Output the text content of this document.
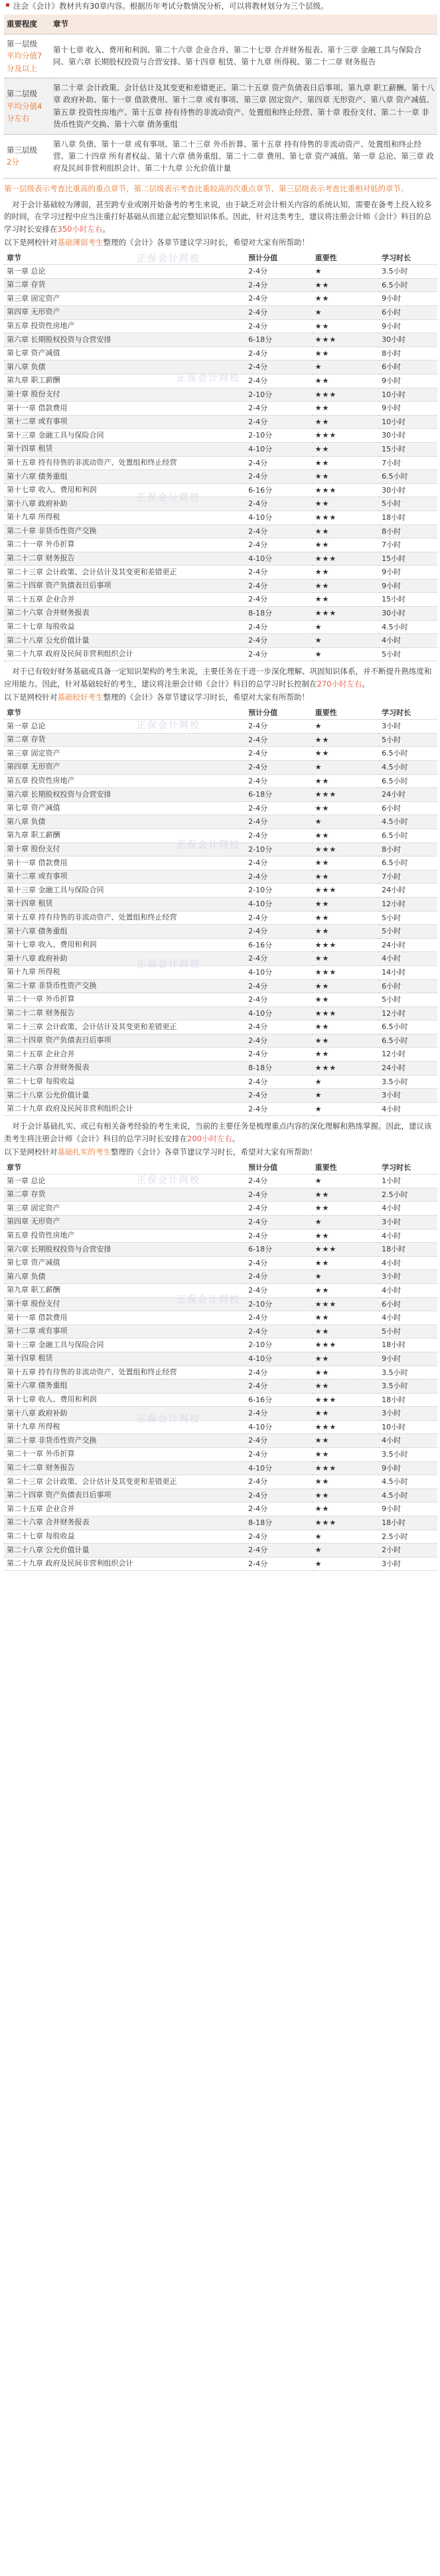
▪ 注会《会计》教材共有30章内容。根据历年考试分数情况分析，可以将教材划分为三个层级。
重要程度	章节

第一层级
平均分值7分及以上	第十七章 收入、费用和利润、第二十六章 企业合并、第二十七章 合并财务报表、第十三章 金融工具与保险合同、第六章 长期股权投资与合营安排、第十四章 租赁、第十九章 所得税、第二十二章 财务报告

第二层级
平均分值4分左右	第二十章 会计政策、会计估计及其变更和差错更正、第二十五章 资产负债表日后事项、第九章 职工薪酬、第十八章 政府补助、第十一章 借款费用、第十二章 或有事项、第三章 固定资产、第四章 无形资产、第八章 资产减值、第五章 投资性房地产、第十五章 持有待售的非流动资产、处置组和终止经营、第十章 股份支付、第二十一章 非货币性资产交换、第十六章 债务重组

第三层级
2分	第八章 负债、第十一章 或有事项、第二十三章 外币折算、第十五章 持有待售的非流动资产、处置组和终止经营、第二十四章 所有者权益、第十六章 债务重组、第二十二章 费用、第七章 资产减值、第一章 总论、第三章 政府及民间非营利组织会计、第二十九章 公允价值计量

第一层级表示考查比重高的重点章节，第二层级表示考查比重较高的次重点章节，第三层级表示考查比重相对低的章节。

对于会计基础较为薄弱，甚至跨专业或刚开始备考的考生来说，由于缺乏对会计相关内容的系统认知，需要在备考上投入较多的时间，在学习过程中应当注重打好基础从而建立起完整知识体系。因此，针对这类考生，建议将注册会计师《会计》科目的总学习时长安排在350小时左右。

以下是网校针对基础薄弱考生整理的《会计》各章节建议学习时长，希望对大家有所帮助！

章节	预计分值	重要性	学习时长
第一章 总论	2-4分	★	3.5小时
第二章 存货	2-4分	★★	6.5小时
第三章 固定资产	2-4分	★★	9小时
第四章 无形资产	2-4分	★	6小时
第五章 投资性房地产	2-4分	★★	9小时
第六章 长期股权投资与合营安排	6-18分	★★★	30小时
第七章 资产减值	2-4分	★★	8小时
第八章 负债	2-4分	★	6小时
第九章 职工薪酬	2-4分	★★	9小时
第十章 股份支付	2-10分	★★★	10小时
第十一章 借款费用	2-4分	★★	9小时
第十二章 或有事项	2-4分	★★	10小时
第十三章 金融工具与保险合同	2-10分	★★★	30小时
第十四章 租赁	4-10分	★★	15小时
第十五章 持有待售的非流动资产、处置组和终止经营	2-4分	★★	7小时
第十六章 债务重组	2-4分	★★	6.5小时
第十七章 收入、费用和利润	6-16分	★★★	30小时
第十八章 政府补助	2-4分	★★	5小时
第十九章 所得税	4-10分	★★★	18小时
第二十章 非货币性资产交换	2-4分	★★	8小时
第二十一章 外币折算	2-4分	★★	7小时
第二十二章 财务报告	4-10分	★★★	15小时
第二十三章 会计政策、会计估计及其变更和差错更正	2-4分	★★	9小时
第二十四章 资产负债表日后事项	2-4分	★★	9小时
第二十五章 企业合并	2-4分	★★	15小时
第二十六章 合并财务报表	8-18分	★★★	30小时
第二十七章 每股收益	2-4分	★	4.5小时
第二十八章 公允价值计量	2-4分	★	4小时
第二十九章 政府及民间非营利组织会计	2-4分	★	5小时
正保会计网校
正保会计网校
正保会计网校

对于已有较好财务基础或具备一定知识架构的考生来说，主要任务在于进一步深化理解、巩固知识体系，并不断提升熟练度和应用能力。因此，针对基础较好的考生，建议将注册会计师《会计》科目的总学习时长控制在270小时左右。

以下是网校针对基础较好考生整理的《会计》各章节建议学习时长，希望对大家有所帮助！

章节	预计分值	重要性	学习时长
第一章 总论	2-4分	★	3小时
第二章 存货	2-4分	★★	5小时
第三章 固定资产	2-4分	★★	6.5小时
第四章 无形资产	2-4分	★	4.5小时
第五章 投资性房地产	2-4分	★★	6.5小时
第六章 长期股权投资与合营安排	6-18分	★★★	24小时
第七章 资产减值	2-4分	★★	6小时
第八章 负债	2-4分	★	4.5小时
第九章 职工薪酬	2-4分	★★	6.5小时
第十章 股份支付	2-10分	★★★	8小时
第十一章 借款费用	2-4分	★★	6.5小时
第十二章 或有事项	2-4分	★★	7小时
第十三章 金融工具与保险合同	2-10分	★★★	24小时
第十四章 租赁	4-10分	★★	12小时
第十五章 持有待售的非流动资产、处置组和终止经营	2-4分	★★	5小时
第十六章 债务重组	2-4分	★★	5小时
第十七章 收入、费用和利润	6-16分	★★★	24小时
第十八章 政府补助	2-4分	★★	4小时
第十九章 所得税	4-10分	★★★	14小时
第二十章 非货币性资产交换	2-4分	★★	6小时
第二十一章 外币折算	2-4分	★★	5小时
第二十二章 财务报告	4-10分	★★★	12小时
第二十三章 会计政策、会计估计及其变更和差错更正	2-4分	★★	6.5小时
第二十四章 资产负债表日后事项	2-4分	★★	6.5小时
第二十五章 企业合并	2-4分	★★	12小时
第二十六章 合并财务报表	8-18分	★★★	24小时
第二十七章 每股收益	2-4分	★	3.5小时
第二十八章 公允价值计量	2-4分	★	3小时
第二十九章 政府及民间非营利组织会计	2-4分	★	4小时
正保会计网校
正保会计网校
正保会计网校

对于会计基础扎实、或已有相关备考经验的考生来说，当前的主要任务是梳理重点内容的深化理解和熟练掌握。因此，建议该类考生将注册会计师《会计》科目的总学习时长安排在200小时左右。

以下是网校针对基础扎实的考生整理的《会计》各章节建议学习时长，希望对大家有所帮助！

章节	预计分值	重要性	学习时长
第一章 总论	2-4分	★	1小时
第二章 存货	2-4分	★★	2.5小时
第三章 固定资产	2-4分	★★	4小时
第四章 无形资产	2-4分	★	3小时
第五章 投资性房地产	2-4分	★★	4小时
第六章 长期股权投资与合营安排	6-18分	★★★	18小时
第七章 资产减值	2-4分	★★	4小时
第八章 负债	2-4分	★	3小时
第九章 职工薪酬	2-4分	★★	4小时
第十章 股份支付	2-10分	★★★	6小时
第十一章 借款费用	2-4分	★★	4小时
第十二章 或有事项	2-4分	★★	5小时
第十三章 金融工具与保险合同	2-10分	★★★	18小时
第十四章 租赁	4-10分	★★	9小时
第十五章 持有待售的非流动资产、处置组和终止经营	2-4分	★★	3.5小时
第十六章 债务重组	2-4分	★★	3.5小时
第十七章 收入、费用和利润	6-16分	★★★	18小时
第十八章 政府补助	2-4分	★★	3小时
第十九章 所得税	4-10分	★★★	10小时
第二十章 非货币性资产交换	2-4分	★★	4小时
第二十一章 外币折算	2-4分	★★	3.5小时
第二十二章 财务报告	4-10分	★★★	9小时
第二十三章 会计政策、会计估计及其变更和差错更正	2-4分	★★	4.5小时
第二十四章 资产负债表日后事项	2-4分	★★	4.5小时
第二十五章 企业合并	2-4分	★★	9小时
第二十六章 合并财务报表	8-18分	★★★	18小时
第二十七章 每股收益	2-4分	★	2.5小时
第二十八章 公允价值计量	2-4分	★	2小时
第二十九章 政府及民间非营利组织会计	2-4分	★	3小时
正保会计网校
正保会计网校
正保会计网校
